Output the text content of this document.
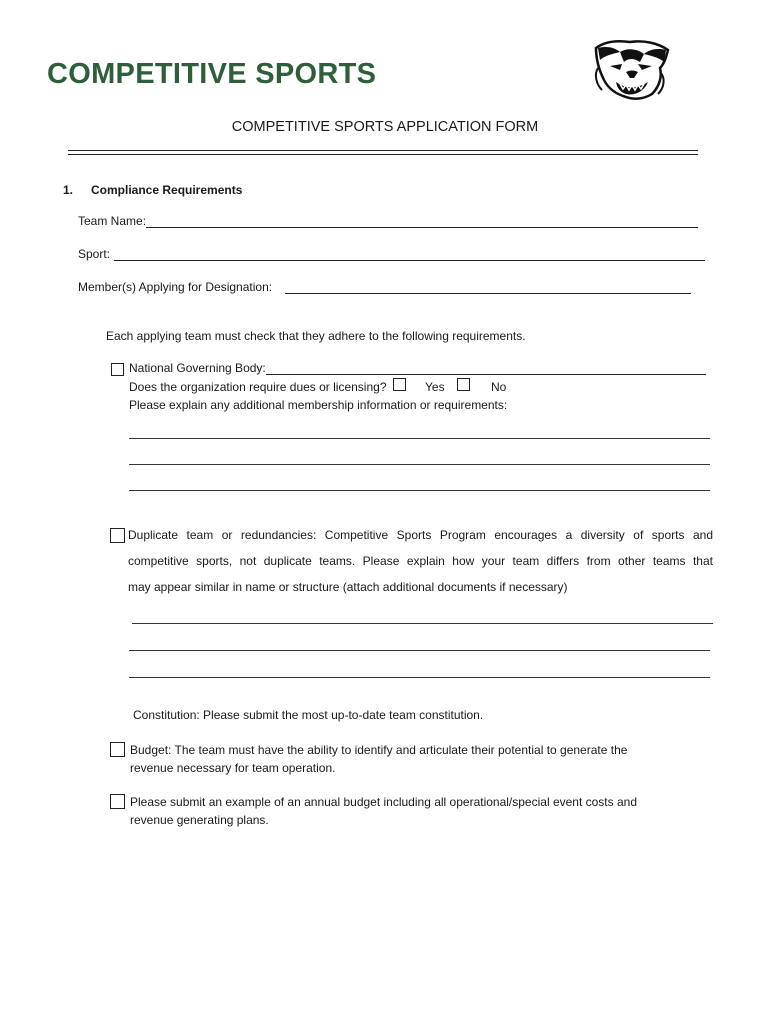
COMPETITIVE SPORTS
COMPETITIVE SPORTS APPLICATION FORM
1. Compliance Requirements
Team Name:
Sport:
Member(s) Applying for Designation:
Each applying team must check that they adhere to the following requirements.
National Governing Body:
Does the organization require dues or licensing?	Yes	No
Please explain any additional membership information or requirements:
Duplicate team or redundancies: Competitive Sports Program encourages a diversity of sports and
competitive sports, not duplicate teams. Please explain how your team differs from other teams that
may appear similar in name or structure (attach additional documents if necessary)
Constitution: Please submit the most up-to-date team constitution.
Budget: The team must have the ability to identify and articulate their potential to generate the
revenue necessary for team operation.
Please submit an example of an annual budget including all operational/special event costs and
revenue generating plans.
